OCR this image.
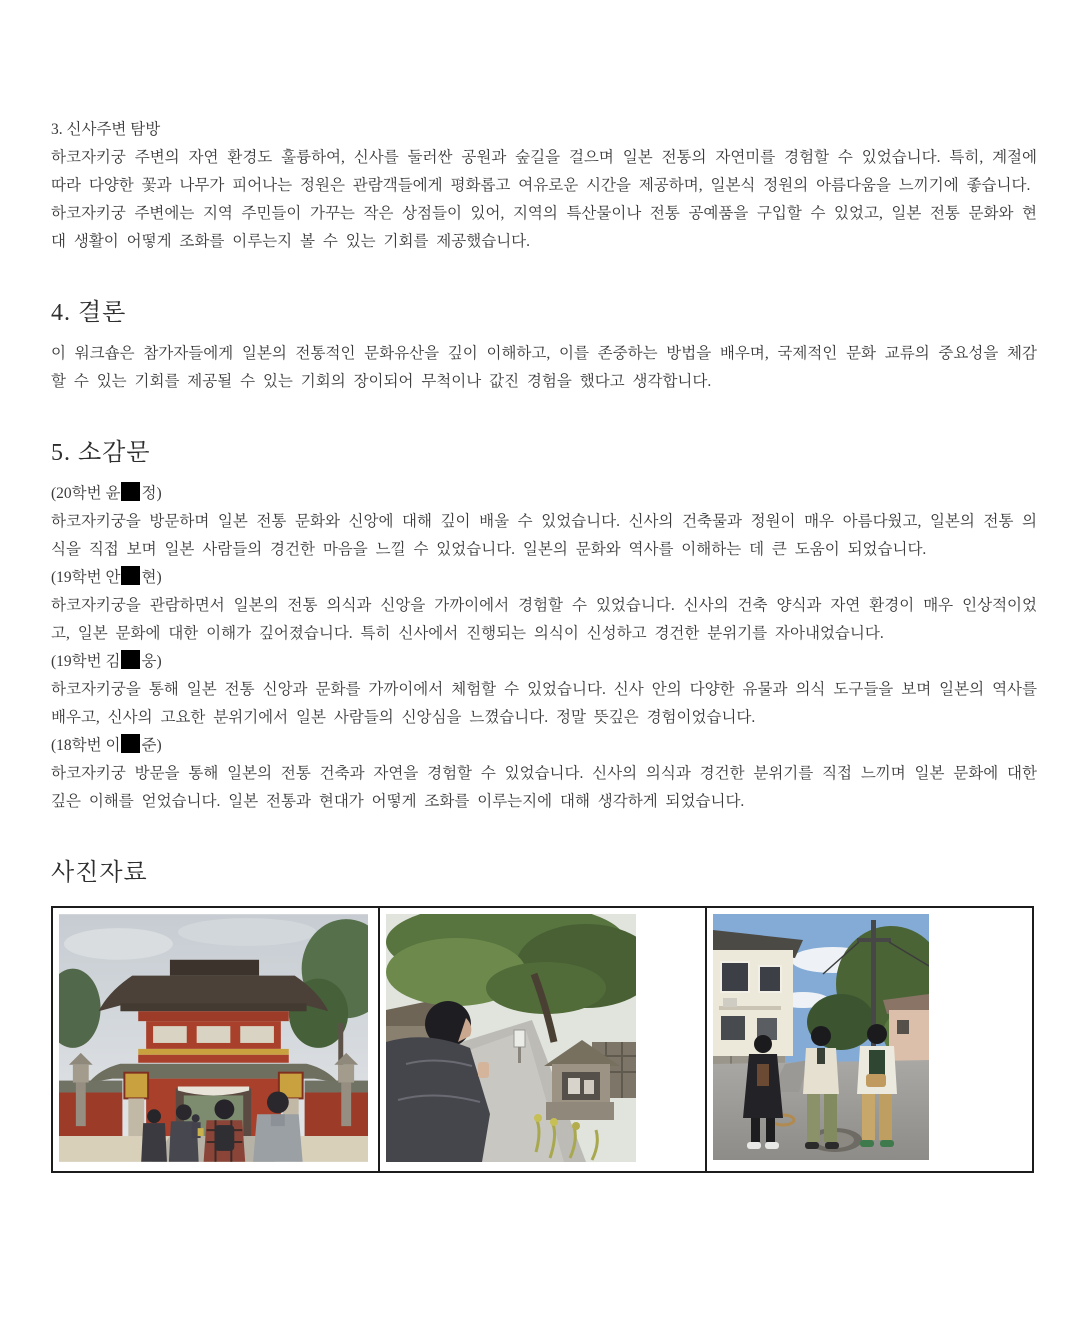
3. 신사주변 탐방

하코자키궁 주변의 자연 환경도 훌륭하여, 신사를 둘러싼 공원과 숲길을 걸으며 일본 전통의 자연미를 경험할 수 있었습니다. 특히, 계절에 따라 다양한 꽃과 나무가 피어나는 정원은 관람객들에게 평화롭고 여유로운 시간을 제공하며, 일본식 정원의 아름다움을 느끼기에 좋습니다.

하코자키궁 주변에는 지역 주민들이 가꾸는 작은 상점들이 있어, 지역의 특산물이나 전통 공예품을 구입할 수 있었고, 일본 전통 문화와 현대 생활이 어떻게 조화를 이루는지 볼 수 있는 기회를 제공했습니다.

4. 결론

이 워크숍은 참가자들에게 일본의 전통적인 문화유산을 깊이 이해하고, 이를 존중하는 방법을 배우며, 국제적인 문화 교류의 중요성을 체감할 수 있는 기회를 제공될 수 있는 기회의 장이되어 무척이나 값진 경험을 했다고 생각합니다.

5. 소감문

(20학번 윤 정)

하코자키궁을 방문하며 일본 전통 문화와 신앙에 대해 깊이 배울 수 있었습니다. 신사의 건축물과 정원이 매우 아름다웠고, 일본의 전통 의식을 직접 보며 일본 사람들의 경건한 마음을 느낄 수 있었습니다. 일본의 문화와 역사를 이해하는 데 큰 도움이 되었습니다.

(19학번 안 현)

하코자키궁을 관람하면서 일본의 전통 의식과 신앙을 가까이에서 경험할 수 있었습니다. 신사의 건축 양식과 자연 환경이 매우 인상적이었고, 일본 문화에 대한 이해가 깊어졌습니다. 특히 신사에서 진행되는 의식이 신성하고 경건한 분위기를 자아내었습니다.

(19학번 김 웅)

하코자키궁을 통해 일본 전통 신앙과 문화를 가까이에서 체험할 수 있었습니다. 신사 안의 다양한 유물과 의식 도구들을 보며 일본의 역사를 배우고, 신사의 고요한 분위기에서 일본 사람들의 신앙심을 느꼈습니다. 정말 뜻깊은 경험이었습니다.

(18학번 이 준)

하코자키궁 방문을 통해 일본의 전통 건축과 자연을 경험할 수 있었습니다. 신사의 의식과 경건한 분위기를 직접 느끼며 일본 문화에 대한 깊은 이해를 얻었습니다. 일본 전통과 현대가 어떻게 조화를 이루는지에 대해 생각하게 되었습니다.

사진자료
